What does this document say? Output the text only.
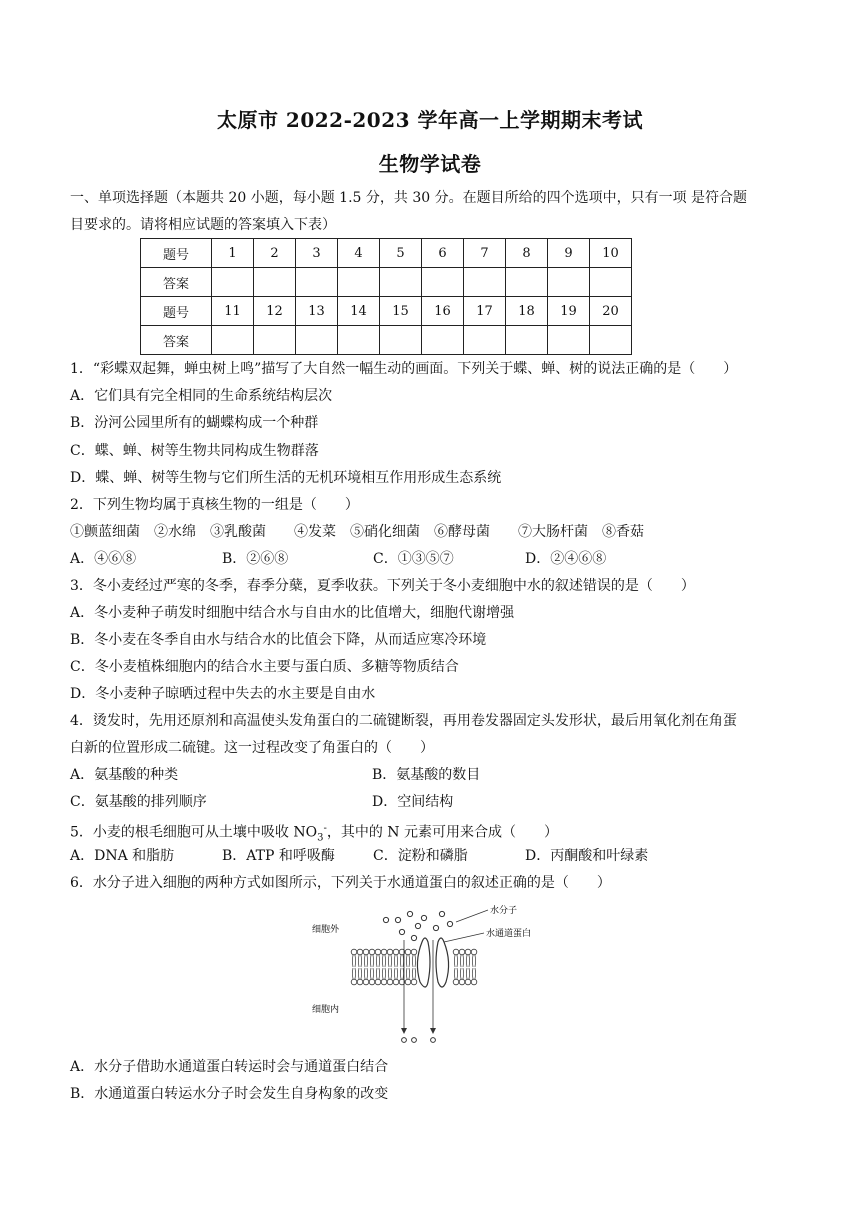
太原市 2022-2023 学年高一上学期期末考试
生物学试卷
一、单项选择题（本题共 20 小题，每小题 1.5 分，共 30 分。在题目所给的四个选项中，只有一项 是符合题
目要求的。请将相应试题的答案填入下表）
题号	1	2	3	4	5	6	7	8	9	10
答案										
题号	11	12	13	14	15	16	17	18	19	20
答案										
1．“彩蝶双起舞，蝉虫树上鸣”描写了大自然一幅生动的画面。下列关于蝶、蝉、树的说法正确的是（　　）
A．它们具有完全相同的生命系统结构层次
B．汾河公园里所有的蝴蝶构成一个种群
C．蝶、蝉、树等生物共同构成生物群落
D．蝶、蝉、树等生物与它们所生活的无机环境相互作用形成生态系统
2．下列生物均属于真核生物的一组是（　　）
①颤蓝细菌　②水绵　③乳酸菌　　④发菜　⑤硝化细菌　⑥酵母菌　　⑦大肠杆菌　⑧香菇
A．④⑥⑧	B．②⑥⑧	C．①③⑤⑦	D．②④⑥⑧
3．冬小麦经过严寒的冬季，春季分蘖，夏季收获。下列关于冬小麦细胞中水的叙述错误的是（　　）
A．冬小麦种子萌发时细胞中结合水与自由水的比值增大，细胞代谢增强
B．冬小麦在冬季自由水与结合水的比值会下降，从而适应寒冷环境
C．冬小麦植株细胞内的结合水主要与蛋白质、多糖等物质结合
D．冬小麦种子晾晒过程中失去的水主要是自由水
4．烫发时，先用还原剂和高温使头发角蛋白的二硫键断裂，再用卷发器固定头发形状，最后用氧化剂在角蛋
白新的位置形成二硫键。这一过程改变了角蛋白的（　　）
A．氨基酸的种类	B．氨基酸的数目
C．氨基酸的排列顺序	D．空间结构
5．小麦的根毛细胞可从土壤中吸收 $NO_3^-$，其中的 N 元素可用来合成（　　）
A．DNA 和脂肪	B．ATP 和呼吸酶	C．淀粉和磷脂	D．丙酮酸和叶绿素
6．水分子进入细胞的两种方式如图所示，下列关于水通道蛋白的叙述正确的是（　　）
细胞外
细胞内
水分子
水通道蛋白
A．水分子借助水通道蛋白转运时会与通道蛋白结合
B．水通道蛋白转运水分子时会发生自身构象的改变
